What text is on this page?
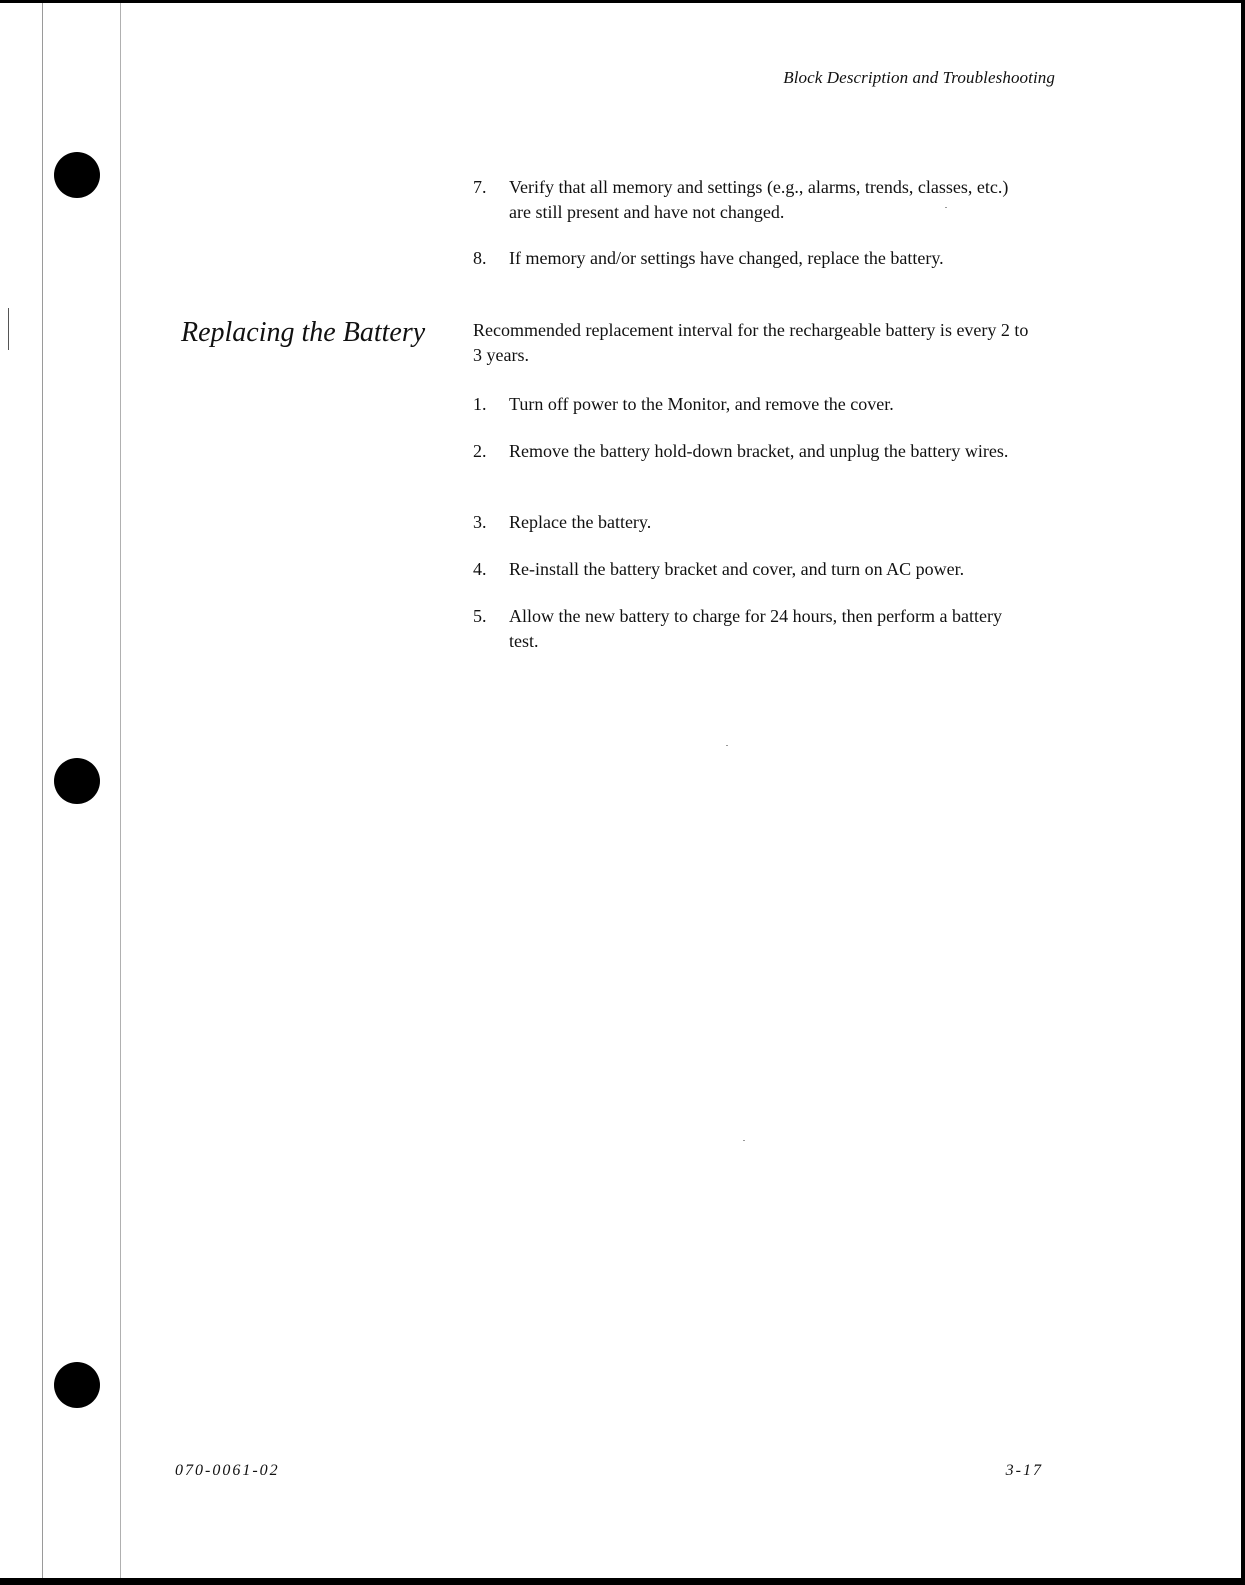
Block Description and Troubleshooting
7. Verify that all memory and settings (e.g., alarms, trends, classes, etc.) are still present and have not changed.
8. If memory and/or settings have changed, replace the battery.
Replacing the Battery	Recommended replacement interval for the rechargeable battery is every 2 to 3 years.
1. Turn off power to the Monitor, and remove the cover.
2. Remove the battery hold-down bracket, and unplug the battery wires.
3. Replace the battery.
4. Re-install the battery bracket and cover, and turn on AC power.
5. Allow the new battery to charge for 24 hours, then perform a battery test.
070-0061-02	3-17
